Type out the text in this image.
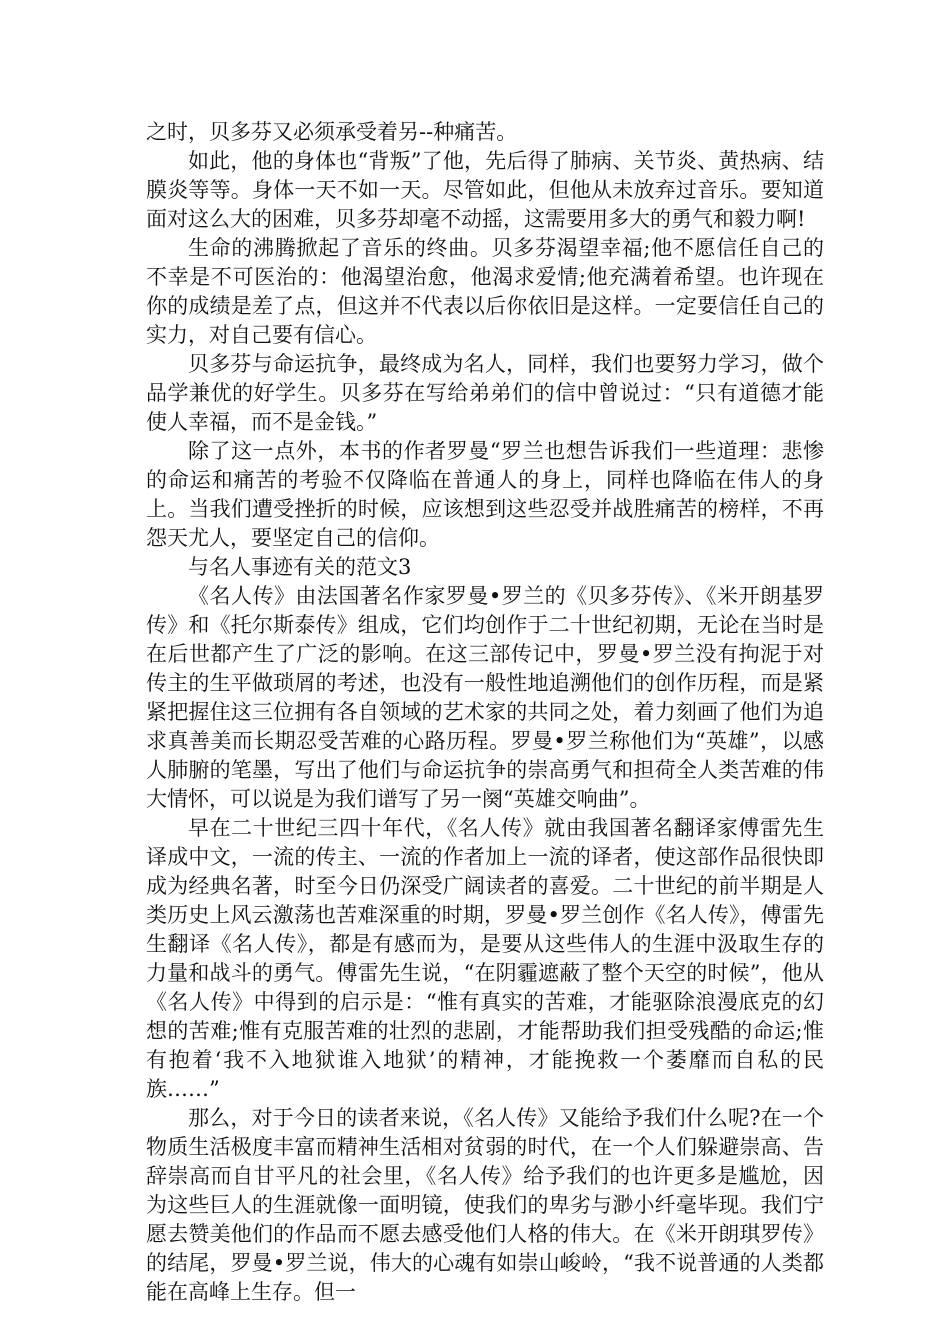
之时，贝多芬又必须承受着另--种痛苦。

如此，他的身体也“背叛”了他，先后得了肺病、关节炎、黄热病、结膜炎等等。身体一天不如一天。尽管如此，但他从未放弃过音乐。要知道面对这么大的困难，贝多芬却毫不动摇，这需要用多大的勇气和毅力啊!

生命的沸腾掀起了音乐的终曲。贝多芬渴望幸福;他不愿信任自己的不幸是不可医治的：他渴望治愈，他渴求爱情;他充满着希望。也许现在你的成绩是差了点，但这并不代表以后你依旧是这样。一定要信任自己的实力，对自己要有信心。

贝多芬与命运抗争，最终成为名人，同样，我们也要努力学习，做个品学兼优的好学生。贝多芬在写给弟弟们的信中曾说过：“只有道德才能使人幸福，而不是金钱。”

除了这一点外，本书的作者罗曼“罗兰也想告诉我们一些道理：悲惨的命运和痛苦的考验不仅降临在普通人的身上，同样也降临在伟人的身上。当我们遭受挫折的时候，应该想到这些忍受并战胜痛苦的榜样，不再怨天尤人，要坚定自己的信仰。

与名人事迹有关的范文3

《名人传》由法国著名作家罗曼•罗兰的《贝多芬传》、《米开朗基罗传》和《托尔斯泰传》组成，它们均创作于二十世纪初期，无论在当时是在后世都产生了广泛的影响。在这三部传记中，罗曼•罗兰没有拘泥于对传主的生平做琐屑的考述，也没有一般性地追溯他们的创作历程，而是紧紧把握住这三位拥有各自领域的艺术家的共同之处，着力刻画了他们为追求真善美而长期忍受苦难的心路历程。罗曼•罗兰称他们为“英雄”，以感人肺腑的笔墨，写出了他们与命运抗争的崇高勇气和担荷全人类苦难的伟大情怀，可以说是为我们谱写了另一阕“英雄交响曲”。

早在二十世纪三四十年代，《名人传》就由我国著名翻译家傅雷先生译成中文，一流的传主、一流的作者加上一流的译者，使这部作品很快即成为经典名著，时至今日仍深受广阔读者的喜爱。二十世纪的前半期是人类历史上风云激荡也苦难深重的时期，罗曼•罗兰创作《名人传》，傅雷先生翻译《名人传》，都是有感而为，是要从这些伟人的生涯中汲取生存的力量和战斗的勇气。傅雷先生说，“在阴霾遮蔽了整个天空的时候”，他从《名人传》中得到的启示是：“惟有真实的苦难，才能驱除浪漫底克的幻想的苦难;惟有克服苦难的壮烈的悲剧，才能帮助我们担受残酷的命运;惟有抱着‘我不入地狱谁入地狱’的精神，才能挽救一个萎靡而自私的民族……”

那么，对于今日的读者来说，《名人传》又能给予我们什么呢?在一个物质生活极度丰富而精神生活相对贫弱的时代，在一个人们躲避崇高、告辞崇高而自甘平凡的社会里，《名人传》给予我们的也许更多是尴尬，因为这些巨人的生涯就像一面明镜，使我们的卑劣与渺小纤毫毕现。我们宁愿去赞美他们的作品而不愿去感受他们人格的伟大。在《米开朗琪罗传》的结尾，罗曼•罗兰说，伟大的心魂有如崇山峻岭，“我不说普通的人类都能在高峰上生存。但一
